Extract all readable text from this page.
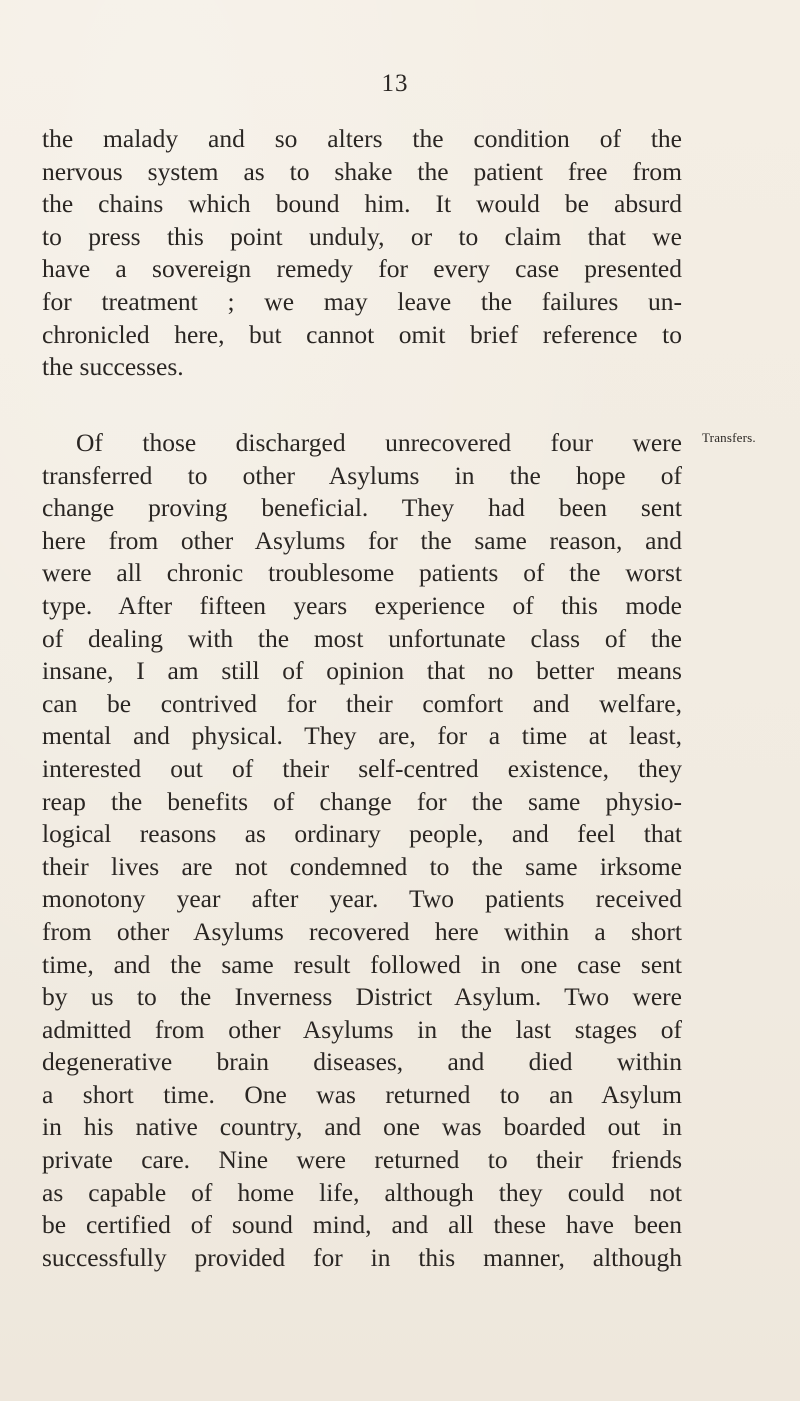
13
the malady and so alters the condition of the
nervous system as to shake the patient free from
the chains which bound him. It would be absurd
to press this point unduly, or to claim that we
have a sovereign remedy for every case presented
for treatment ; we may leave the failures un-
chronicled here, but cannot omit brief reference to
the successes.
Transfers.
Of those discharged unrecovered four were
transferred to other Asylums in the hope of
change proving beneficial. They had been sent
here from other Asylums for the same reason, and
were all chronic troublesome patients of the worst
type. After fifteen years experience of this mode
of dealing with the most unfortunate class of the
insane, I am still of opinion that no better means
can be contrived for their comfort and welfare,
mental and physical. They are, for a time at least,
interested out of their self-centred existence, they
reap the benefits of change for the same physio-
logical reasons as ordinary people, and feel that
their lives are not condemned to the same irksome
monotony year after year. Two patients received
from other Asylums recovered here within a short
time, and the same result followed in one case sent
by us to the Inverness District Asylum. Two were
admitted from other Asylums in the last stages of
degenerative brain diseases, and died within
a short time. One was returned to an Asylum
in his native country, and one was boarded out in
private care. Nine were returned to their friends
as capable of home life, although they could not
be certified of sound mind, and all these have been
successfully provided for in this manner, although
